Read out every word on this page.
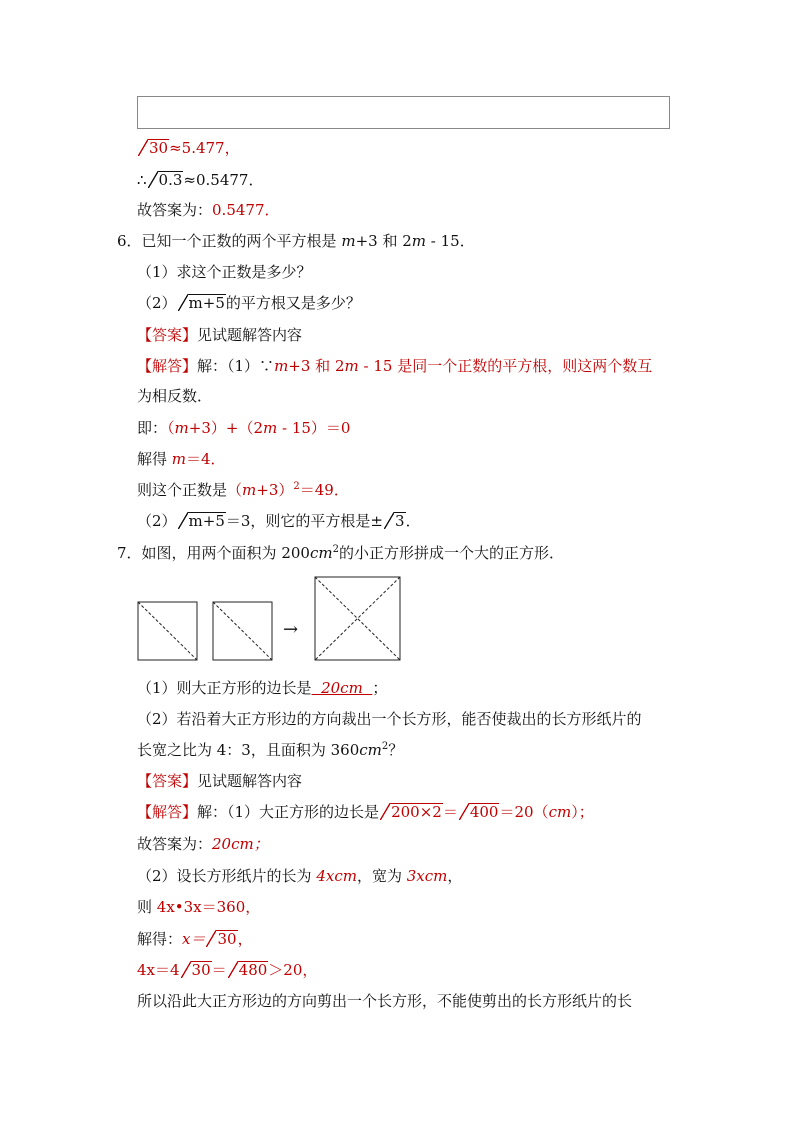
30≈5.477，
∴ 0.3≈0.5477．
故答案为：0.5477．
6．已知一个正数的两个平方根是 m+3 和 2m - 15．
（1）求这个正数是多少？
（2） m+5的平方根又是多少？
【答案】见试题解答内容
【解答】解：（1）∵m+3 和 2m - 15 是同一个正数的平方根，则这两个数互
为相反数．
即：（m+3）+（2m - 15）＝0
解得 m＝4．
则这个正数是$(m+3)^2=49$．
（2） m+5＝3，则它的平方根是± 3．
7．如图，用两个面积为 $200cm^2$的小正方形拼成一个大的正方形．
→
（1）则大正方形的边长是  20cm  ；
（2）若沿着大正方形边的方向裁出一个长方形，能否使裁出的长方形纸片的
长宽之比为 4：3，且面积为 $360cm^2$？
【答案】见试题解答内容
【解答】解：（1）大正方形的边长是 200×2＝ 400＝20（cm）；
故答案为：20cm；
（2）设长方形纸片的长为 4xcm，宽为 3xcm，
则 4x•3x＝360，
解得：x＝ 30，
4x＝4 30＝ 480＞20，
所以沿此大正方形边的方向剪出一个长方形，不能使剪出的长方形纸片的长
